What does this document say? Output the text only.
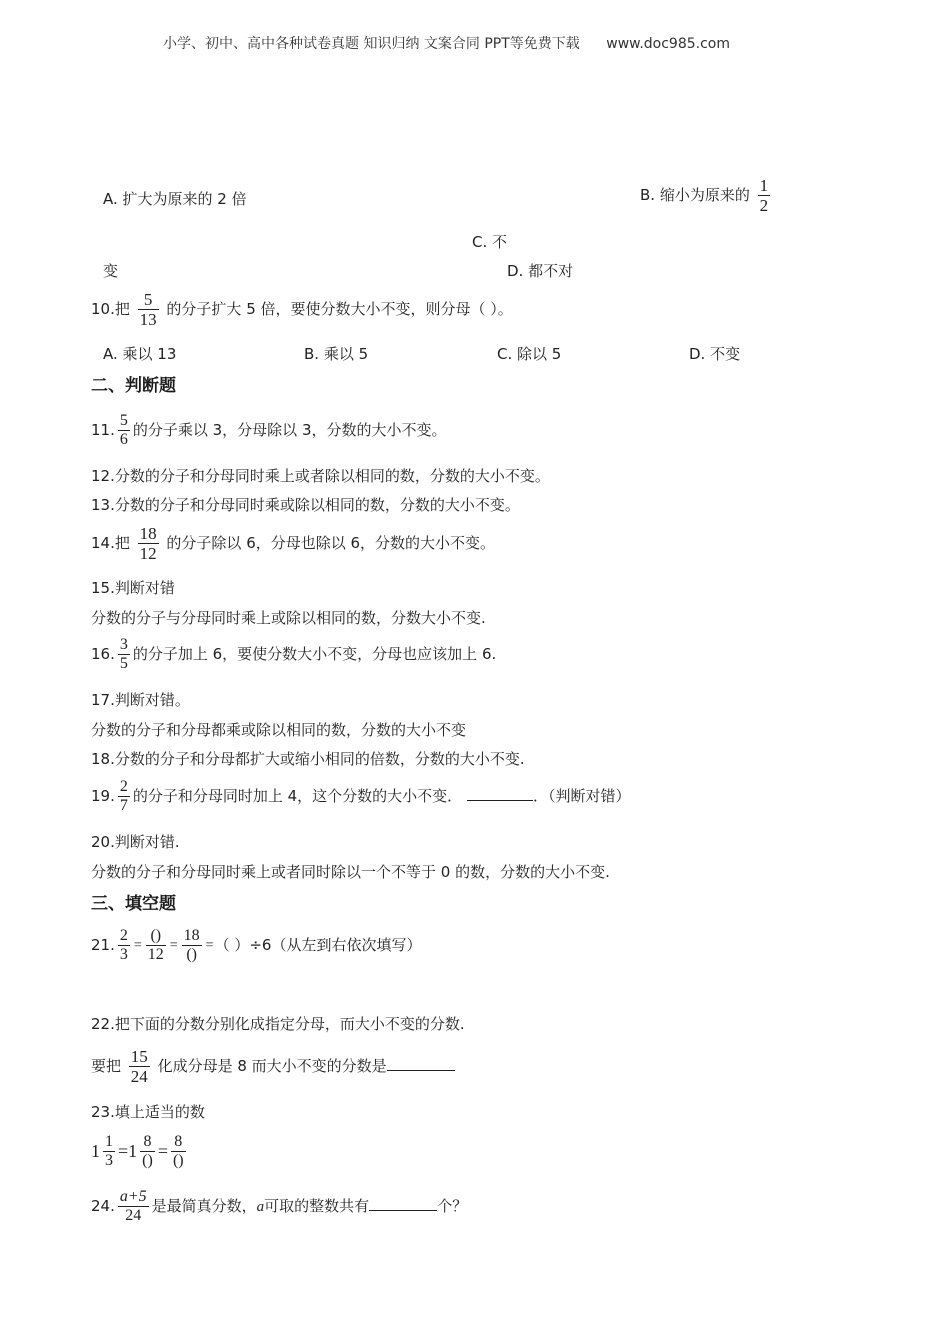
小学、初中、高中各种试卷真题 知识归纳 文案合同 PPT等免费下载 www.doc985.com
A. 扩大为原来的 2 倍	B. 缩小为原来的 $\frac{1}{2}$
C. 不
变	D. 都不对
10.把 $\frac{5}{13}$ 的分子扩大 5 倍，要使分数大小不变，则分母（ ）。
A. 乘以 13	B. 乘以 5	C. 除以 5	D. 不变
二、判断题
11. $\frac{5}{6}$ 的分子乘以 3，分母除以 3，分数的大小不变。
12.分数的分子和分母同时乘上或者除以相同的数，分数的大小不变。
13.分数的分子和分母同时乘或除以相同的数，分数的大小不变。
14.把 $\frac{18}{12}$ 的分子除以 6，分母也除以 6，分数的大小不变。
15.判断对错
分数的分子与分母同时乘上或除以相同的数，分数大小不变.
16. $\frac{3}{5}$ 的分子加上 6，要使分数大小不变，分母也应该加上 6.
17.判断对错。
分数的分子和分母都乘或除以相同的数，分数的大小不变
18.分数的分子和分母都扩大或缩小相同的倍数，分数的大小不变.
19. $\frac{2}{7}$ 的分子和分母同时加上 4，这个分数的大小不变．	．（判断对错）
20.判断对错.
分数的分子和分母同时乘上或者同时除以一个不等于 0 的数，分数的大小不变.
三、填空题
21. $\frac{2}{3} = \frac{()}{12} = \frac{18}{()}$ =（ ）÷6（从左到右依次填写）
22.把下面的分数分别化成指定分母，而大小不变的分数.
要把 $\frac{15}{24}$ 化成分母是 8 而大小不变的分数是
23.填上适当的数
$1 \frac{1}{3} =1 \frac{8}{()} = \frac{8}{()}$
24. $\frac{a+5}{24}$ 是最简真分数，a可取的整数共有	个？
